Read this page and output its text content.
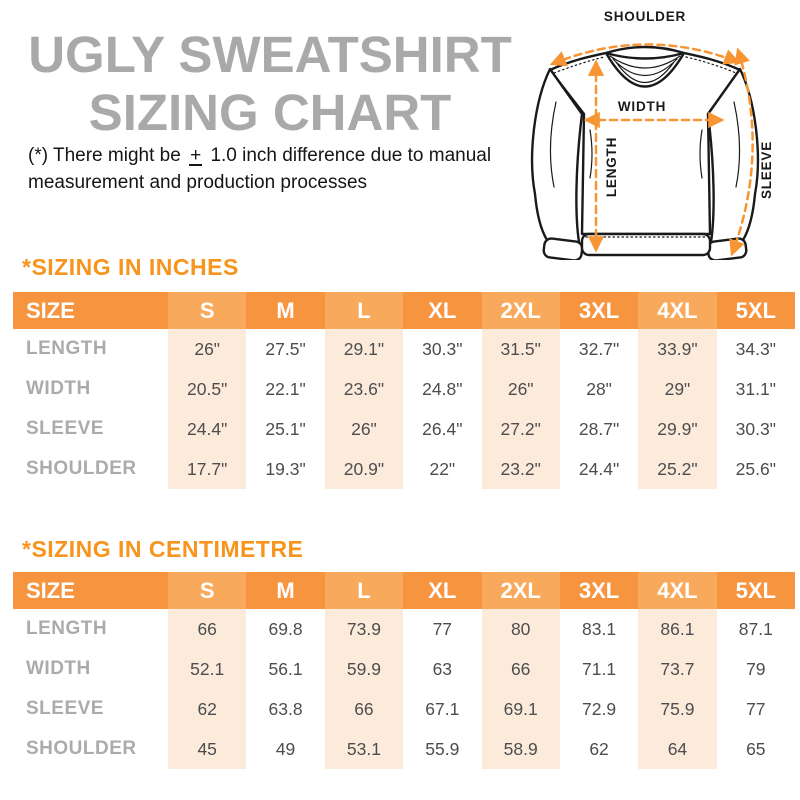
UGLY SWEATSHIRT
SIZING CHART

(*) There might be + 1.0 inch difference due to manual measurement and production processes

SHOULDER
WIDTH
LENGTH	SLEEVE
*SIZING IN INCHES
SIZE	S	M	L	XL	2XL	3XL	4XL	5XL
LENGTH	26"	27.5"	29.1"	30.3"	31.5"	32.7"	33.9"	34.3"
WIDTH	20.5"	22.1"	23.6"	24.8"	26"	28"	29"	31.1"
SLEEVE	24.4"	25.1"	26"	26.4"	27.2"	28.7"	29.9"	30.3"
SHOULDER	17.7"	19.3"	20.9"	22"	23.2"	24.4"	25.2"	25.6"
*SIZING IN CENTIMETRE
SIZE	S	M	L	XL	2XL	3XL	4XL	5XL
LENGTH	66	69.8	73.9	77	80	83.1	86.1	87.1
WIDTH	52.1	56.1	59.9	63	66	71.1	73.7	79
SLEEVE	62	63.8	66	67.1	69.1	72.9	75.9	77
SHOULDER	45	49	53.1	55.9	58.9	62	64	65
